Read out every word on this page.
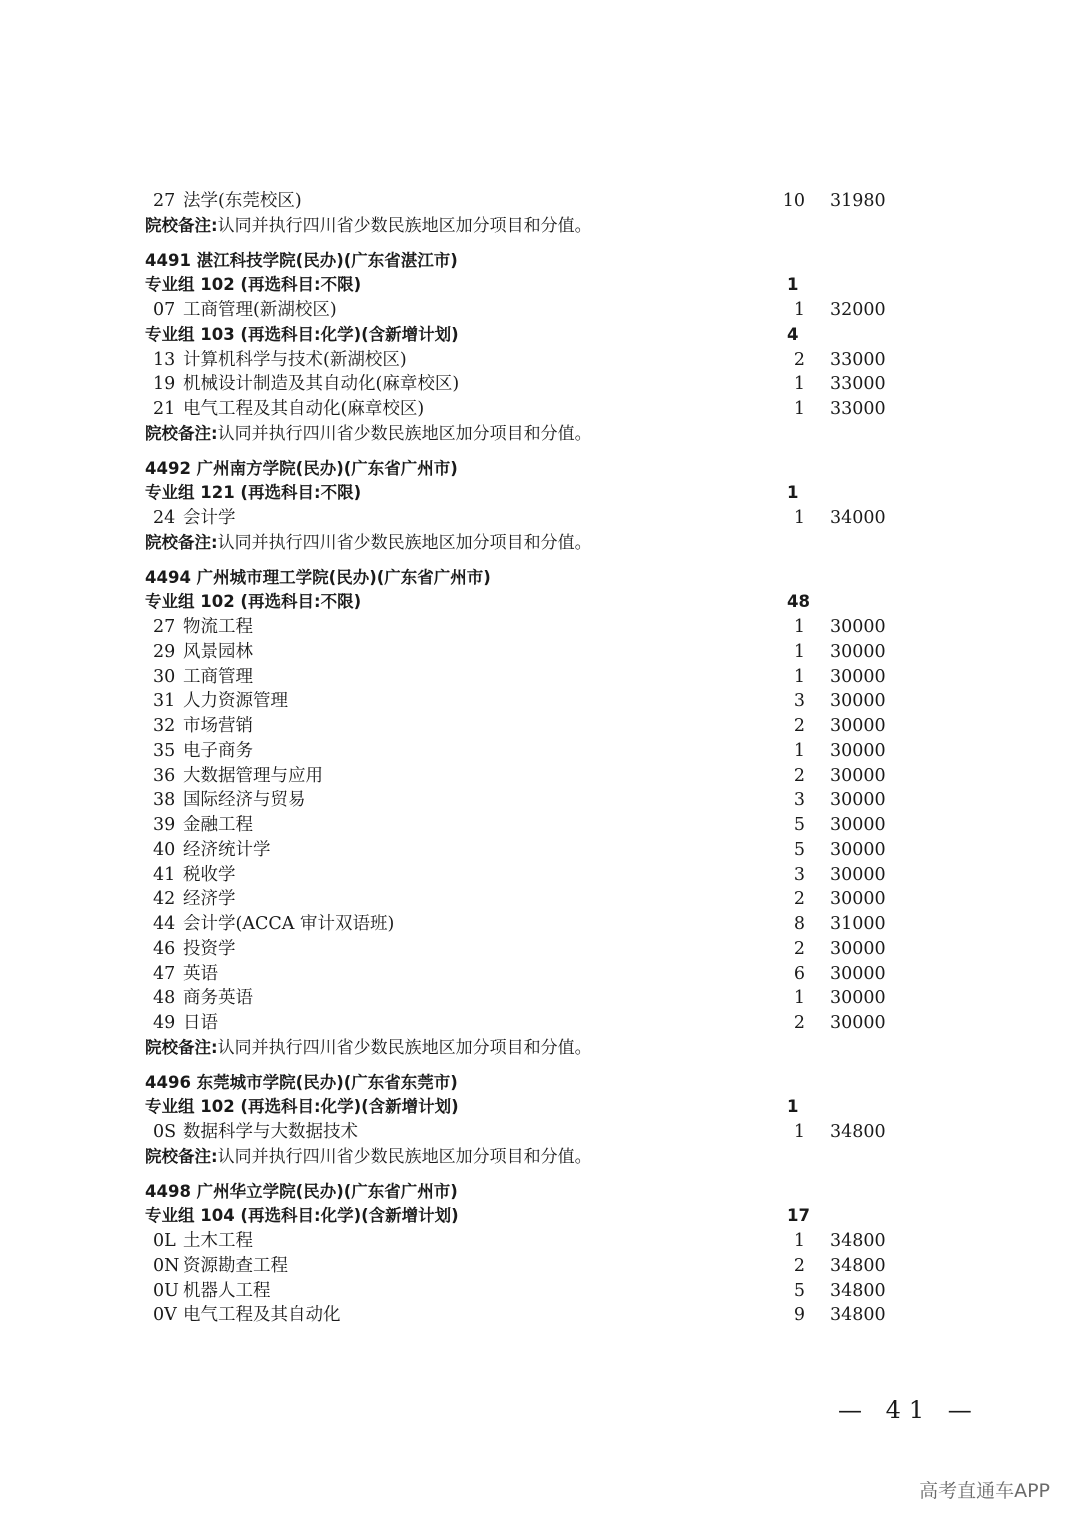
27 法学(东莞校区)	10 31980
院校备注:认同并执行四川省少数民族地区加分项目和分值。
4491 湛江科技学院(民办)(广东省湛江市)
专业组 102 (再选科目:不限)	1
07 工商管理(新湖校区)	1 32000
专业组 103 (再选科目:化学)(含新增计划)	4
13 计算机科学与技术(新湖校区)	2 33000
19 机械设计制造及其自动化(麻章校区)	1 33000
21 电气工程及其自动化(麻章校区)	1 33000
院校备注:认同并执行四川省少数民族地区加分项目和分值。
4492 广州南方学院(民办)(广东省广州市)
专业组 121 (再选科目:不限)	1
24 会计学	1 34000
院校备注:认同并执行四川省少数民族地区加分项目和分值。
4494 广州城市理工学院(民办)(广东省广州市)
专业组 102 (再选科目:不限)	48
27 物流工程	1 30000
29 风景园林	1 30000
30 工商管理	1 30000
31 人力资源管理	3 30000
32 市场营销	2 30000
35 电子商务	1 30000
36 大数据管理与应用	2 30000
38 国际经济与贸易	3 30000
39 金融工程	5 30000
40 经济统计学	5 30000
41 税收学	3 30000
42 经济学	2 30000
44 会计学(ACCA 审计双语班)	8 31000
46 投资学	2 30000
47 英语	6 30000
48 商务英语	1 30000
49 日语	2 30000
院校备注:认同并执行四川省少数民族地区加分项目和分值。
4496 东莞城市学院(民办)(广东省东莞市)
专业组 102 (再选科目:化学)(含新增计划)	1
0S 数据科学与大数据技术	1 34800
院校备注:认同并执行四川省少数民族地区加分项目和分值。
4498 广州华立学院(民办)(广东省广州市)
专业组 104 (再选科目:化学)(含新增计划)	17
0L 土木工程	1 34800
0N 资源勘查工程	2 34800
0U 机器人工程	5 34800
0V 电气工程及其自动化	9 34800
— 41 —
高考直通车APP
